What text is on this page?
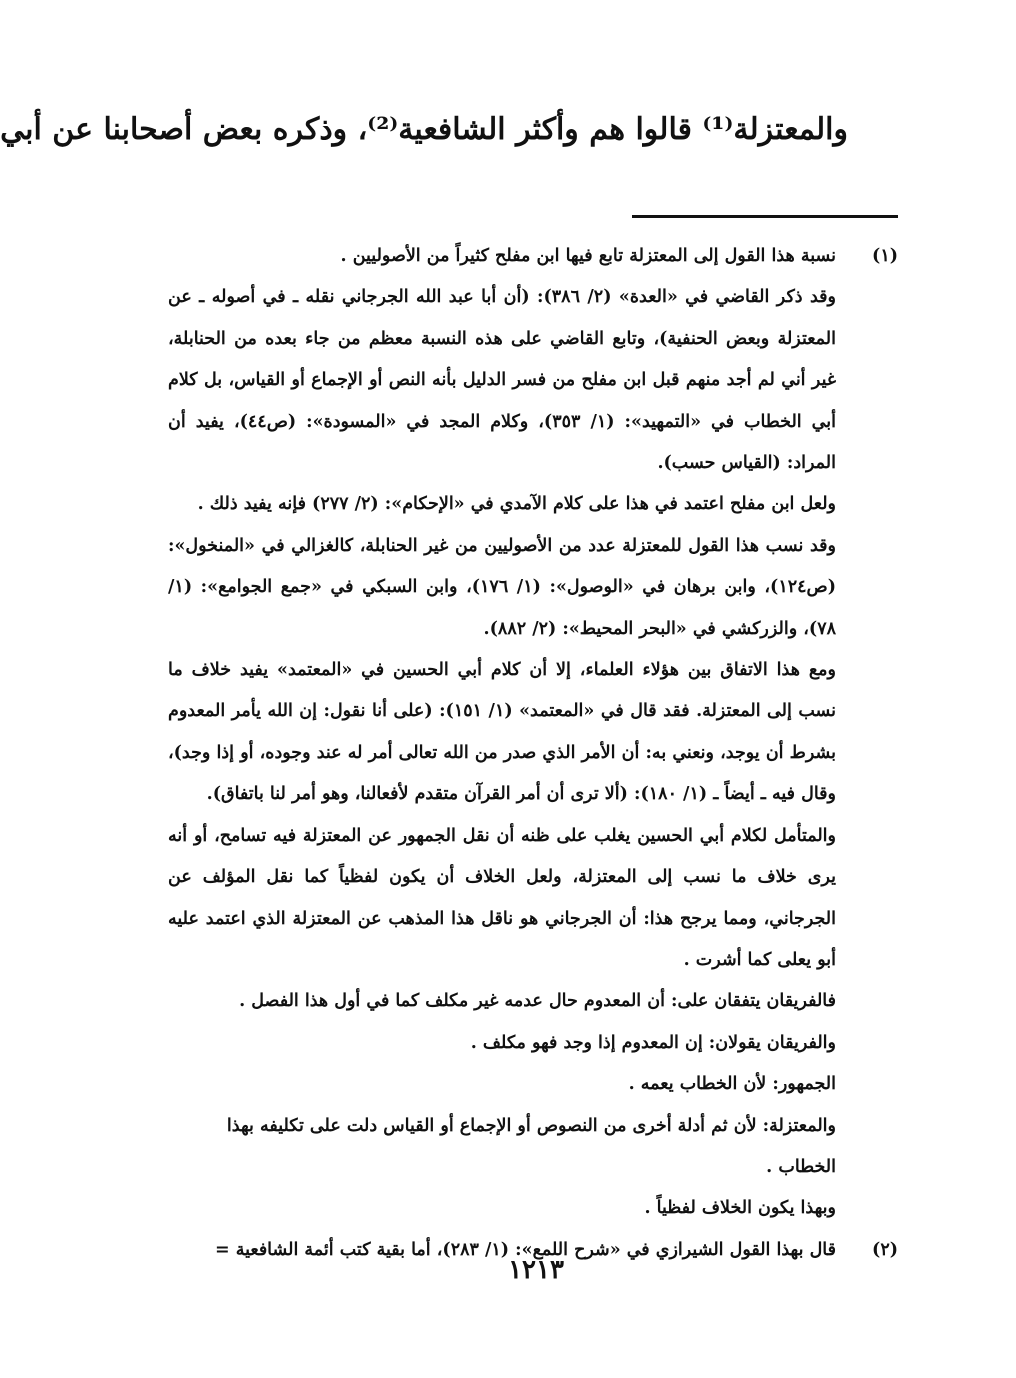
والمعتزلة⁽¹⁾ قالوا هم وأكثر الشافعية⁽²⁾، وذكره بعض أصحابنا عن أبي
(١)

نسبة هذا القول إلى المعتزلة تابع فيها ابن مفلح كثيراً من الأصوليين .

وقد ذكر القاضي في «العدة» (٢/ ٣٨٦): (أن أبا عبد الله الجرجاني نقله ـ في أصوله ـ عن المعتزلة وبعض الحنفية)، وتابع القاضي على هذه النسبة معظم من جاء بعده من الحنابلة، غير أني لم أجد منهم قبل ابن مفلح من فسر الدليل بأنه النص أو الإجماع أو القياس، بل كلام أبي الخطاب في «التمهيد»: (١/ ٣٥٣)، وكلام المجد في «المسودة»: (ص٤٤)، يفيد أن المراد: (القياس حسب).

ولعل ابن مفلح اعتمد في هذا على كلام الآمدي في «الإحكام»: (٢/ ٢٧٧) فإنه يفيد ذلك .

وقد نسب هذا القول للمعتزلة عدد من الأصوليين من غير الحنابلة، كالغزالي في «المنخول»: (ص١٢٤)، وابن برهان في «الوصول»: (١/ ١٧٦)، وابن السبكي في «جمع الجوامع»: (١/ ٧٨)، والزركشي في «البحر المحيط»: (٢/ ٨٨٢).

ومع هذا الاتفاق بين هؤلاء العلماء، إلا أن كلام أبي الحسين في «المعتمد» يفيد خلاف ما نسب إلى المعتزلة. فقد قال في «المعتمد» (١/ ١٥١): (على أنا نقول: إن الله يأمر المعدوم بشرط أن يوجد، ونعني به: أن الأمر الذي صدر من الله تعالى أمر له عند وجوده، أو إذا وجد)، وقال فيه ـ أيضاً ـ (١/ ١٨٠): (ألا ترى أن أمر القرآن متقدم لأفعالنا، وهو أمر لنا باتفاق).

والمتأمل لكلام أبي الحسين يغلب على ظنه أن نقل الجمهور عن المعتزلة فيه تسامح، أو أنه يرى خلاف ما نسب إلى المعتزلة، ولعل الخلاف أن يكون لفظياً كما نقل المؤلف عن الجرجاني، ومما يرجح هذا: أن الجرجاني هو ناقل هذا المذهب عن المعتزلة الذي اعتمد عليه أبو يعلى كما أشرت .

فالفريقان يتفقان على: أن المعدوم حال عدمه غير مكلف كما في أول هذا الفصل .

والفريقان يقولان: إن المعدوم إذا وجد فهو مكلف .

الجمهور: لأن الخطاب يعمه .

والمعتزلة: لأن ثم أدلة أخرى من النصوص أو الإجماع أو القياس دلت على تكليفه بهذا الخطاب .

وبهذا يكون الخلاف لفظياً .

(٢)

قال بهذا القول الشيرازي في «شرح اللمع»: (١/ ٢٨٣)، أما بقية كتب أئمة الشافعية =

١٢١٣
